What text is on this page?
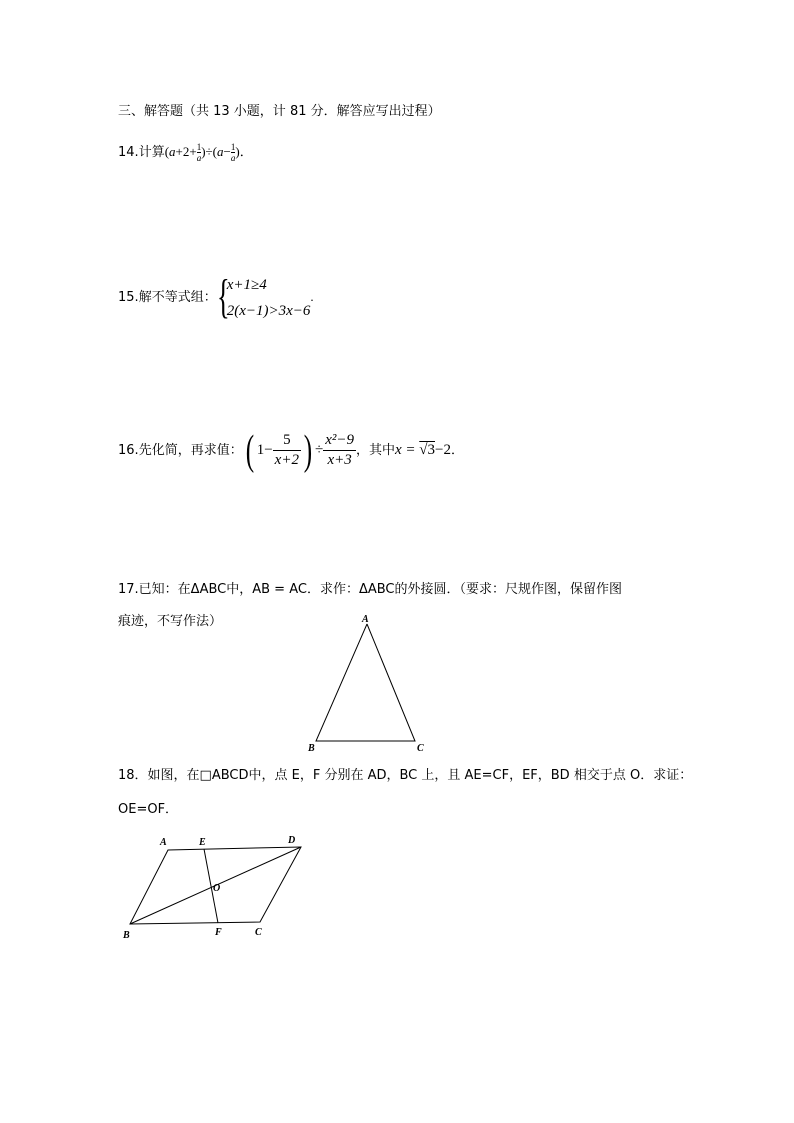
三、解答题（共 13 小题，计 81 分．解答应写出过程）
14.计算$(a+2+ \frac{1}{a} )\div(a- \frac{1}{a}$ )．
15.解不等式组： {
x+1≥4
2(x−1)>3x−6
.
16.先化简，再求值：( $1- \frac{5}{x+2}$ ) ÷ $\frac{\text{x²−9}}{x+3}$ ，其中x = √3−2．
17.已知：在ΔABC中，AB = AC．求作：ΔABC的外接圆．（要求：尺规作图，保留作图
痕迹，不写作法）	A
B	C
18．如图，在□ABCD中，点 E，F 分别在 AD，BC 上，且 AE=CF，EF，BD 相交于点 O．求证：
OE=OF．
A	E	D
O
B	F	C
